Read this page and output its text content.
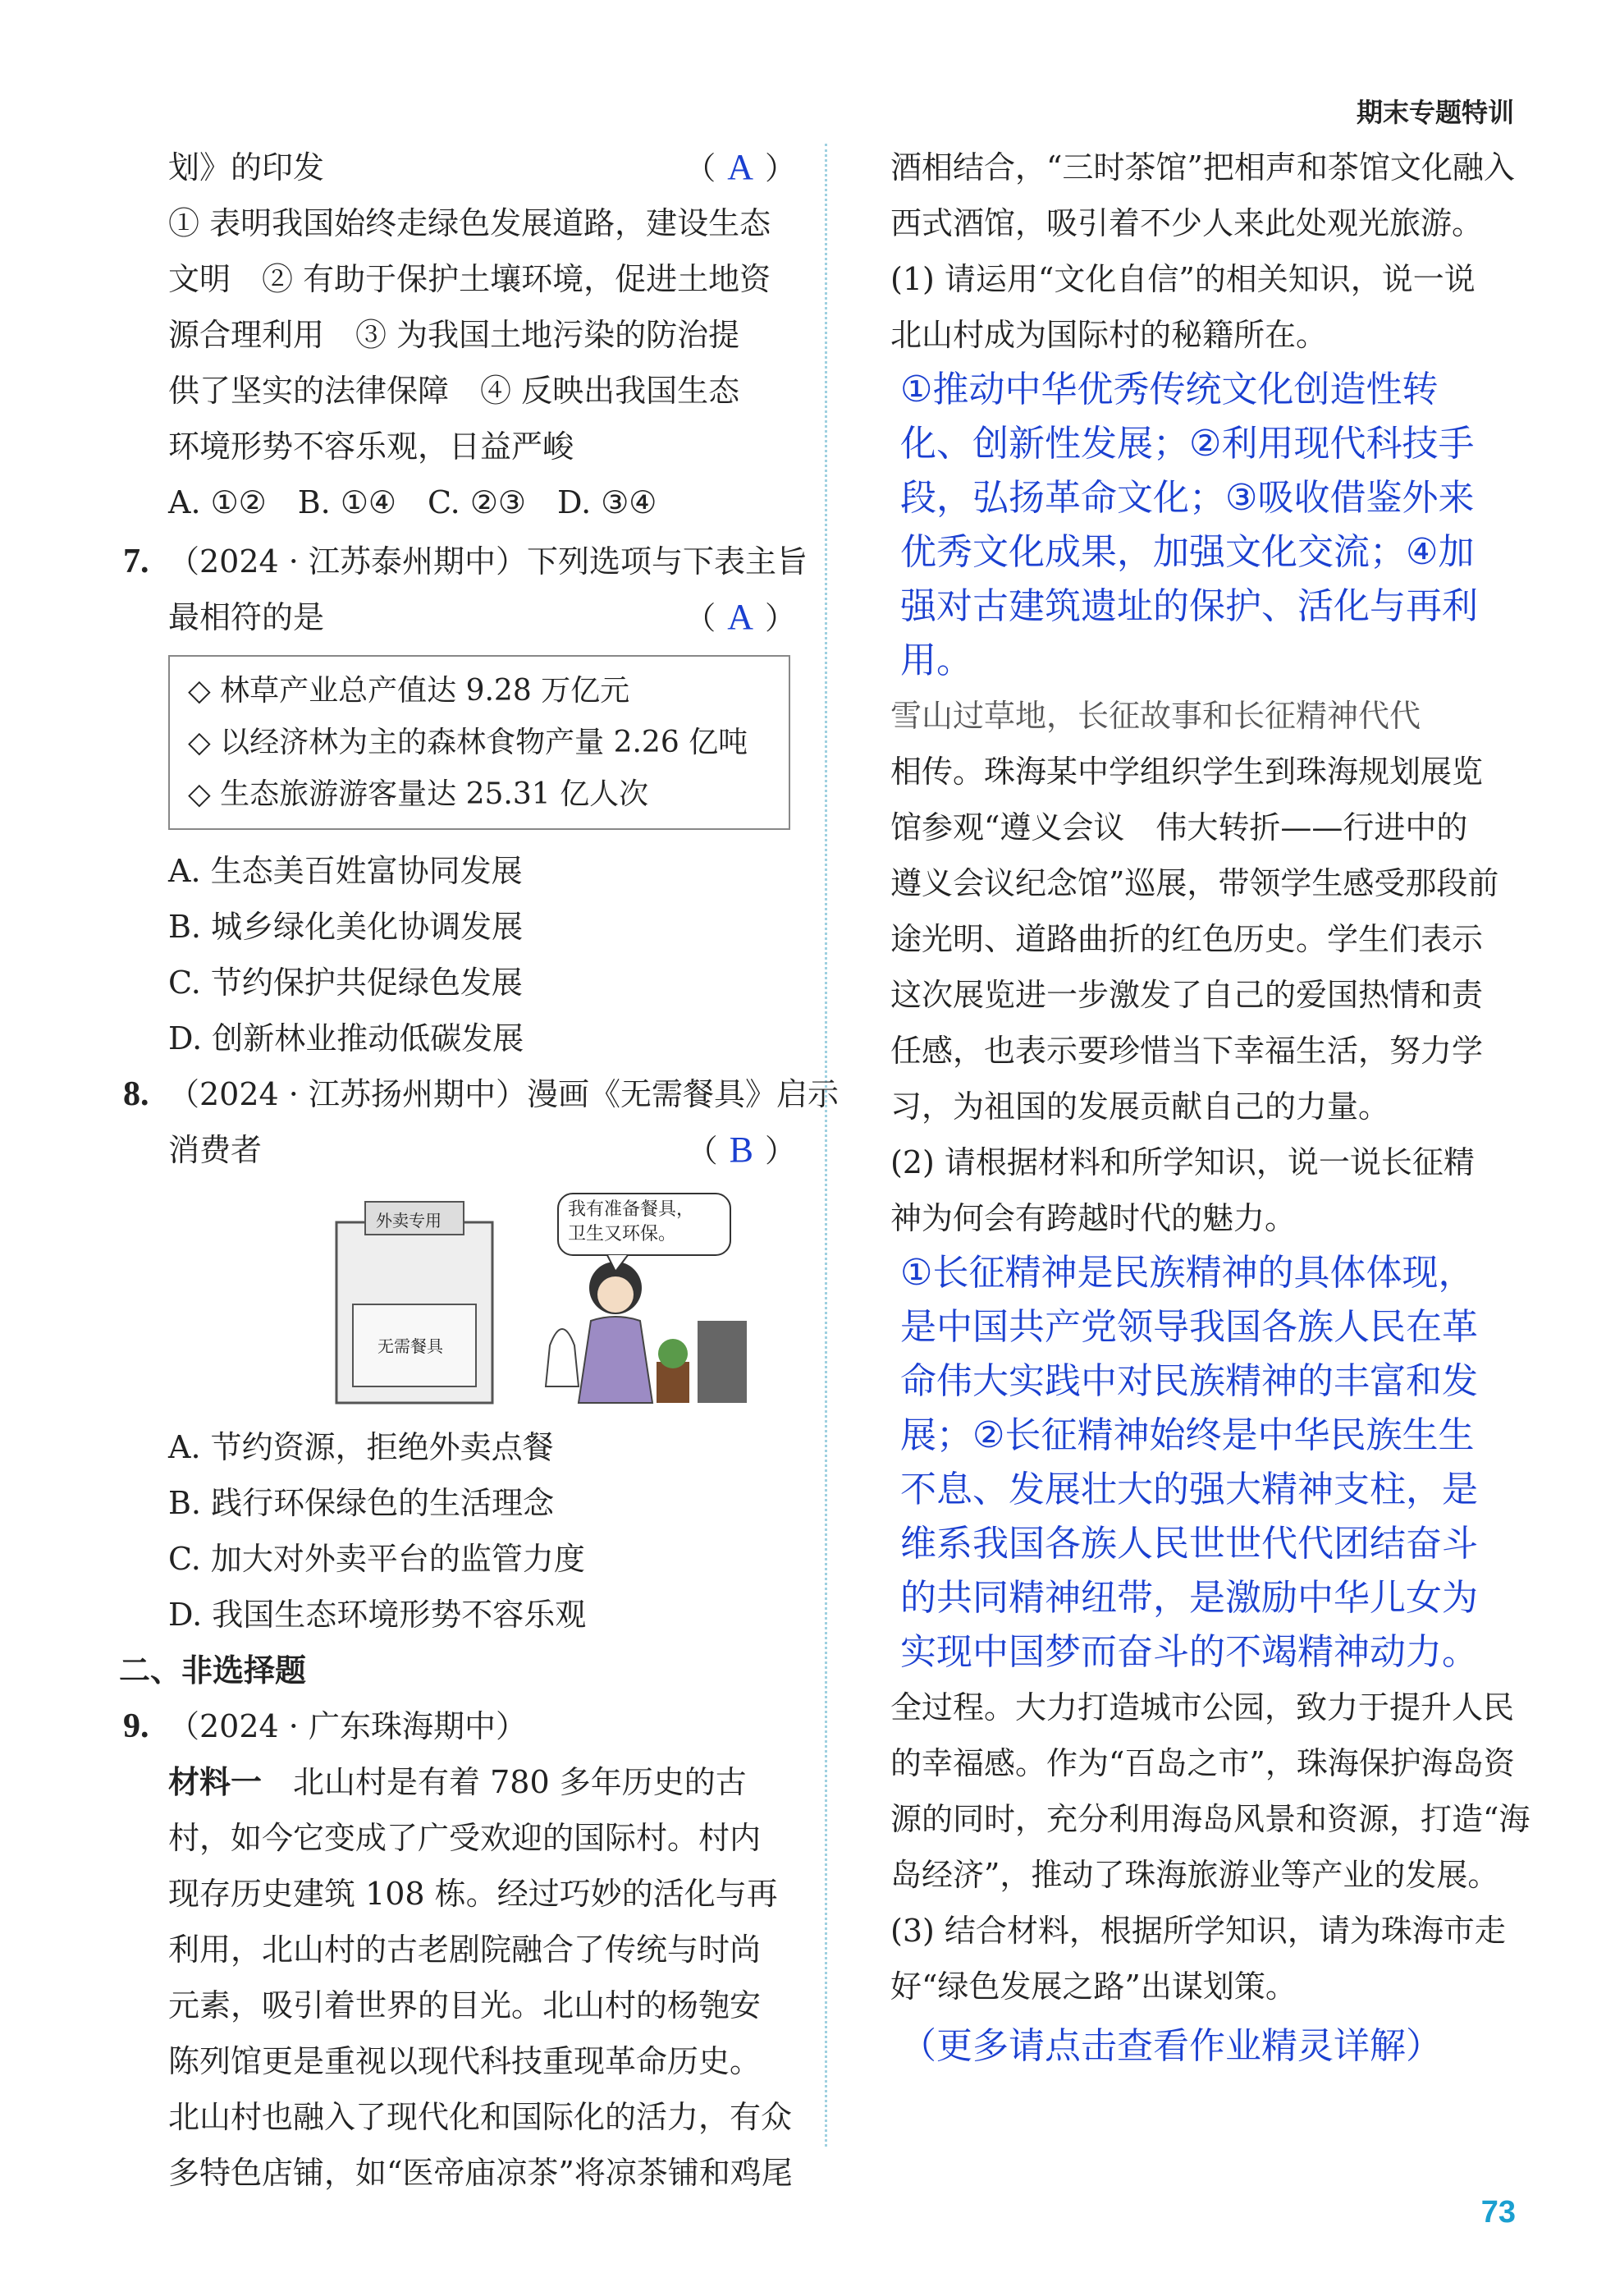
期末专题特训
划》的印发	（ A ）
① 表明我国始终走绿色发展道路，建设生态
文明　② 有助于保护土壤环境，促进土地资
源合理利用　③ 为我国土地污染的防治提
供了坚实的法律保障　④ 反映出我国生态
环境形势不容乐观，日益严峻
A. ①②　B. ①④　C. ②③　D. ③④
7. （2024 · 江苏泰州期中）下列选项与下表主旨
最相符的是	（ A ）
◇ 林草产业总产值达 9.28 万亿元
◇ 以经济林为主的森林食物产量 2.26 亿吨
◇ 生态旅游游客量达 25.31 亿人次
A. 生态美百姓富协同发展
B. 城乡绿化美化协调发展
C. 节约保护共促绿色发展
D. 创新林业推动低碳发展
8. （2024 · 江苏扬州期中）漫画《无需餐具》启示
消费者	（ B ）
我有准备餐具，
卫生又环保。
外卖专用
无需餐具
A. 节约资源，拒绝外卖点餐
B. 践行环保绿色的生活理念
C. 加大对外卖平台的监管力度
D. 我国生态环境形势不容乐观
二、非选择题
9. （2024 · 广东珠海期中）
材料一　北山村是有着 780 多年历史的古
村，如今它变成了广受欢迎的国际村。村内
现存历史建筑 108 栋。经过巧妙的活化与再
利用，北山村的古老剧院融合了传统与时尚
元素，吸引着世界的目光。北山村的杨匏安
陈列馆更是重视以现代科技重现革命历史。
北山村也融入了现代化和国际化的活力，有众
多特色店铺，如“医帝庙凉茶”将凉茶铺和鸡尾
酒相结合，“三时茶馆”把相声和茶馆文化融入
西式酒馆，吸引着不少人来此处观光旅游。
(1) 请运用“文化自信”的相关知识，说一说
北山村成为国际村的秘籍所在。
①推动中华优秀传统文化创造性转
化、创新性发展；②利用现代科技手
段，弘扬革命文化；③吸收借鉴外来
优秀文化成果，加强文化交流；④加
强对古建筑遗址的保护、活化与再利
用。
雪山过草地，长征故事和长征精神代代
相传。珠海某中学组织学生到珠海规划展览
馆参观“遵义会议　伟大转折——行进中的
遵义会议纪念馆”巡展，带领学生感受那段前
途光明、道路曲折的红色历史。学生们表示
这次展览进一步激发了自己的爱国热情和责
任感，也表示要珍惜当下幸福生活，努力学
习，为祖国的发展贡献自己的力量。
(2) 请根据材料和所学知识，说一说长征精
神为何会有跨越时代的魅力。
①长征精神是民族精神的具体体现，
是中国共产党领导我国各族人民在革
命伟大实践中对民族精神的丰富和发
展；②长征精神始终是中华民族生生
不息、发展壮大的强大精神支柱，是
维系我国各族人民世世代代团结奋斗
的共同精神纽带，是激励中华儿女为
实现中国梦而奋斗的不竭精神动力。
全过程。大力打造城市公园，致力于提升人民
的幸福感。作为“百岛之市”，珠海保护海岛资
源的同时，充分利用海岛风景和资源，打造“海
岛经济”，推动了珠海旅游业等产业的发展。
(3) 结合材料，根据所学知识，请为珠海市走
好“绿色发展之路”出谋划策。
（更多请点击查看作业精灵详解）
73
